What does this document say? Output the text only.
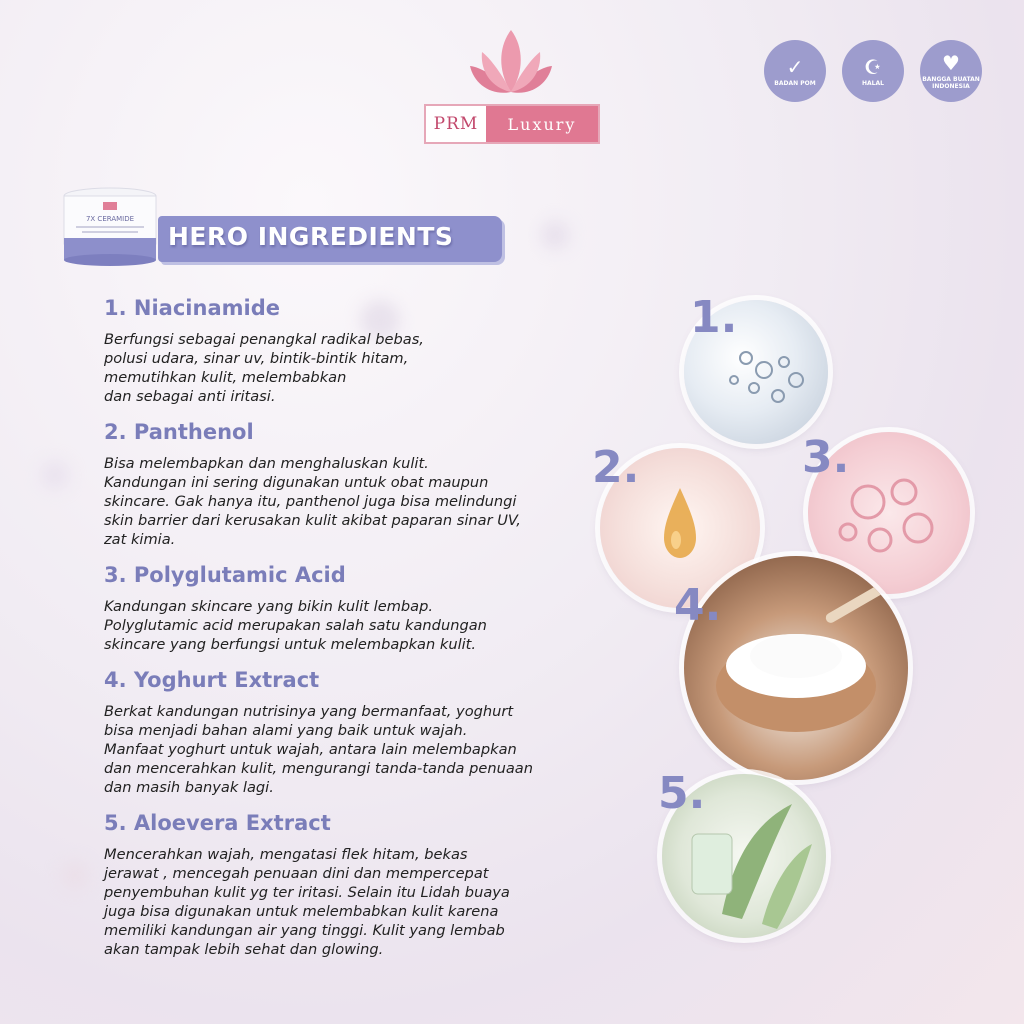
PRM	Luxury
✓
BADAN POM
☪
HALAL
♥
BANGGA BUATAN INDONESIA
7X CERAMIDE
HERO INGREDIENTS
1. Niacinamide

Berfungsi sebagai penangkal radikal bebas,
polusi udara, sinar uv, bintik-bintik hitam,
memutihkan kulit, melembabkan
dan sebagai anti iritasi.

2. Panthenol

Bisa melembapkan dan menghaluskan kulit.
Kandungan ini sering digunakan untuk obat maupun
skincare. Gak hanya itu, panthenol juga bisa melindungi
skin barrier dari kerusakan kulit akibat paparan sinar UV,
zat kimia.

3. Polyglutamic Acid

Kandungan skincare yang bikin kulit lembap.
Polyglutamic acid merupakan salah satu kandungan
skincare yang berfungsi untuk melembapkan kulit.

4. Yoghurt Extract

Berkat kandungan nutrisinya yang bermanfaat, yoghurt
bisa menjadi bahan alami yang baik untuk wajah.
Manfaat yoghurt untuk wajah, antara lain melembapkan
dan mencerahkan kulit, mengurangi tanda-tanda penuaan
dan masih banyak lagi.

5. Aloevera Extract

Mencerahkan wajah, mengatasi flek hitam, bekas
jerawat , mencegah penuaan dini dan mempercepat
penyembuhan kulit yg ter iritasi. Selain itu Lidah buaya
juga bisa digunakan untuk melembabkan kulit karena
memiliki kandungan air yang tinggi. Kulit yang lembab
akan tampak lebih sehat dan glowing.

1.
2.	3.
4.
5.
